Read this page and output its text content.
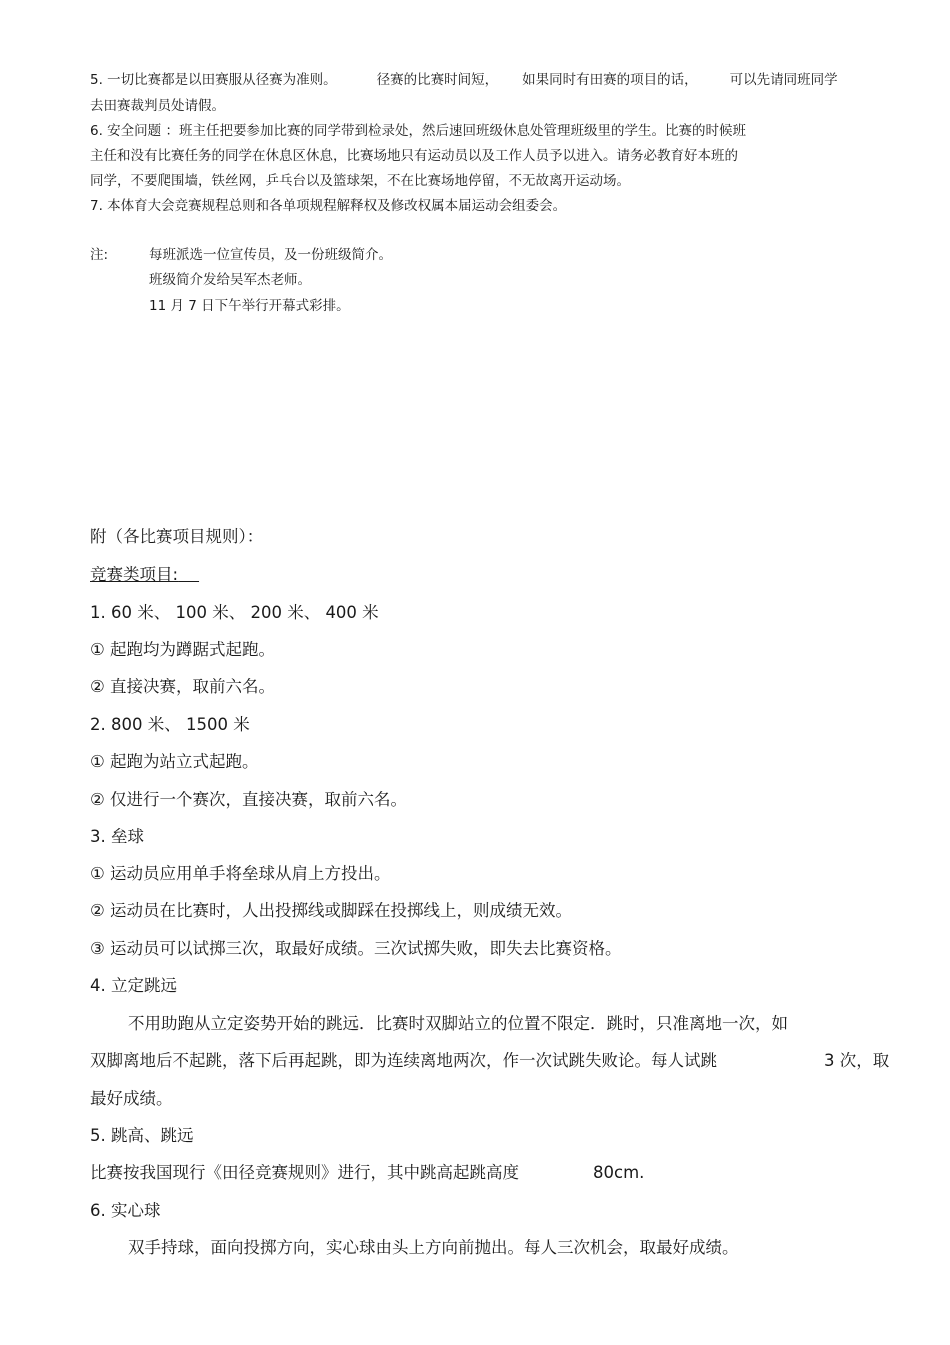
5. 一切比赛都是以田赛服从径赛为准则。	径赛的比赛时间短， 如果同时有田赛的项目的话， 可以先请同班同学
去田赛裁判员处请假。
6. 安全问题 ：班主任把要参加比赛的同学带到检录处，然后速回班级休息处管理班级里的学生。比赛的时候班
主任和没有比赛任务的同学在休息区休息，比赛场地只有运动员以及工作人员予以进入。请务必教育好本班的
同学，不要爬围墙，铁丝网，乒乓台以及篮球架，不在比赛场地停留，不无故离开运动场。
7. 本体育大会竞赛规程总则和各单项规程解释权及修改权属本届运动会组委会。
注:	每班派选一位宣传员，及一份班级简介。
班级简介发给吴军杰老师。
11 月 7 日下午举行开幕式彩排。
附（各比赛项目规则）：
竞赛类项目:
1. 60 米、 100 米、 200 米、 400 米
① 起跑均为蹲踞式起跑。
② 直接决赛，取前六名。
2. 800 米、 1500 米
① 起跑为站立式起跑。
② 仅进行一个赛次，直接决赛，取前六名。
3. 垒球
① 运动员应用单手将垒球从肩上方投出。
② 运动员在比赛时，人出投掷线或脚踩在投掷线上，则成绩无效。
③ 运动员可以试掷三次，取最好成绩。三次试掷失败，即失去比赛资格。
4. 立定跳远
不用助跑从立定姿势开始的跳远．比赛时双脚站立的位置不限定．跳时，只准离地一次，如
双脚离地后不起跳，落下后再起跳，即为连续离地两次，作一次试跳失败论。每人试跳	3 次，取
最好成绩。
5. 跳高、跳远
比赛按我国现行《田径竞赛规则》进行，其中跳高起跳高度	80cm.
6. 实心球
双手持球，面向投掷方向，实心球由头上方向前抛出。每人三次机会，取最好成绩。
